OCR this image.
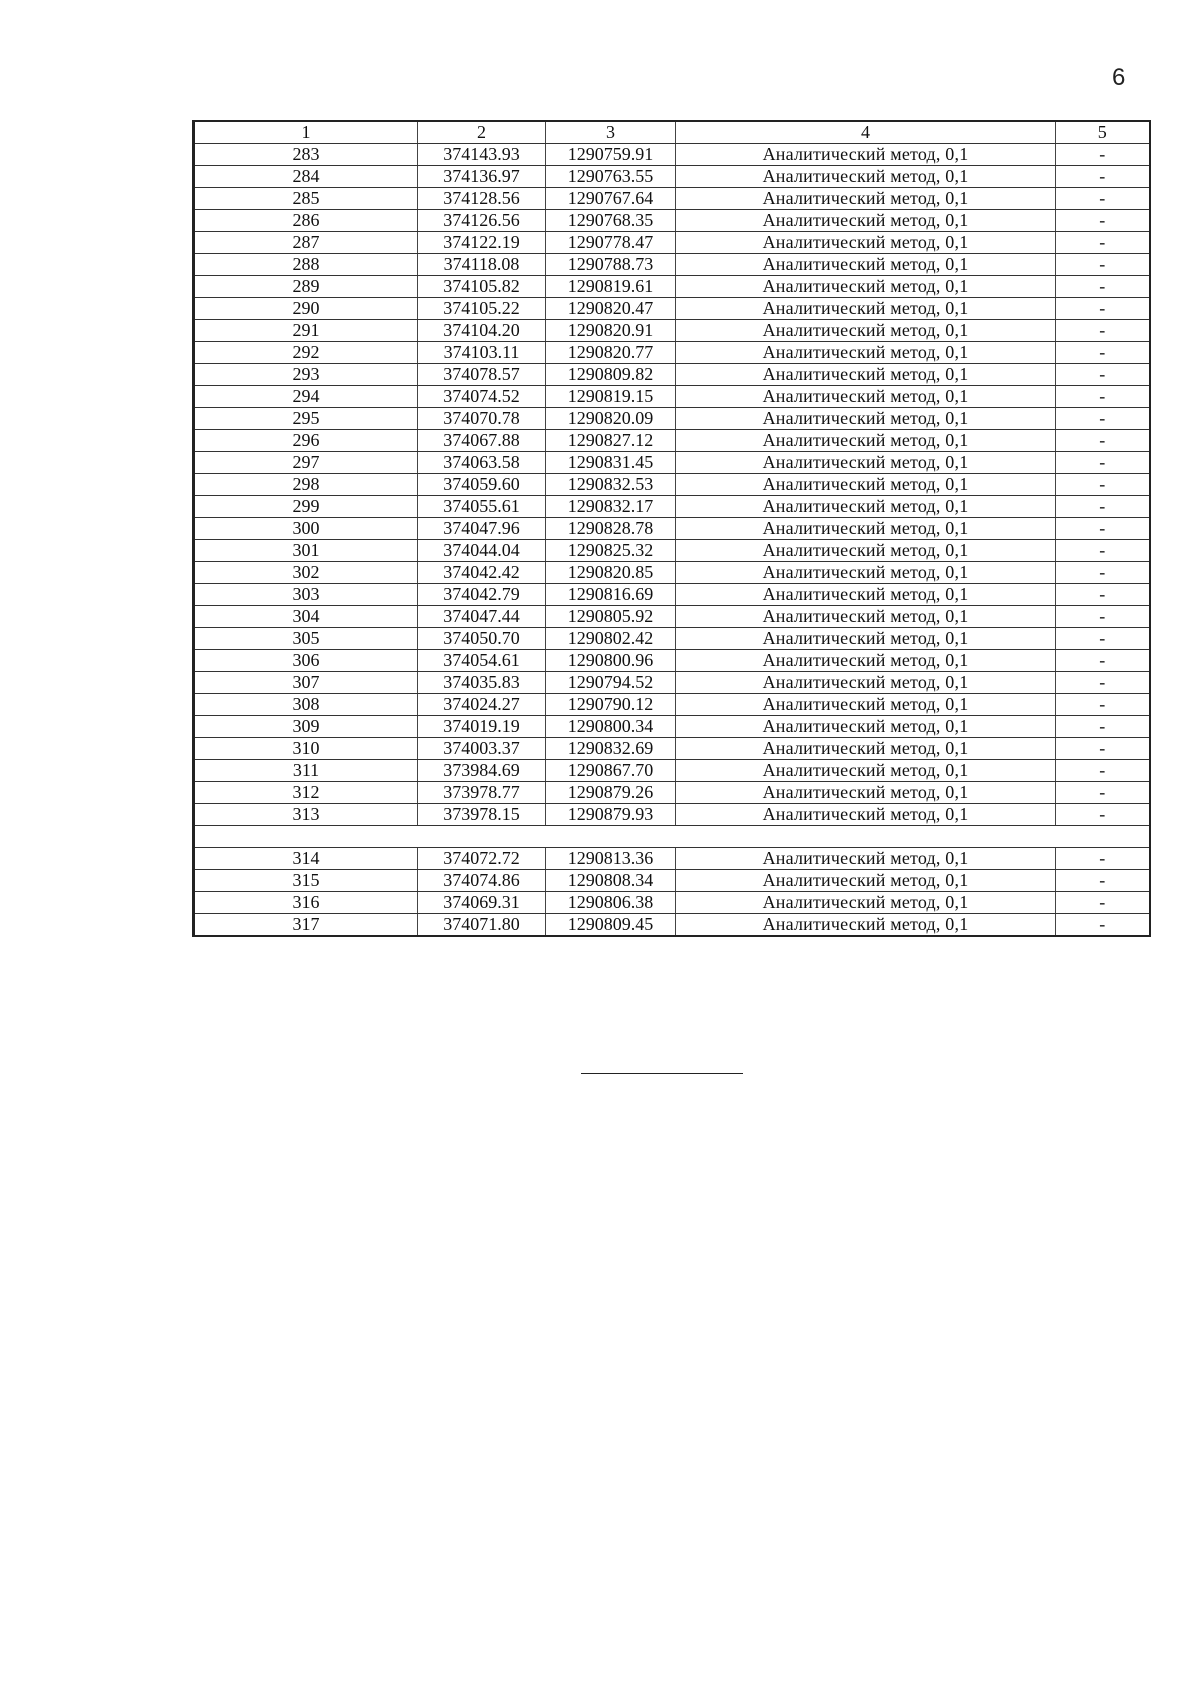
6
1	2	3	4	5
283	374143.93	1290759.91	Аналитический метод, 0,1	-
284	374136.97	1290763.55	Аналитический метод, 0,1	-
285	374128.56	1290767.64	Аналитический метод, 0,1	-
286	374126.56	1290768.35	Аналитический метод, 0,1	-
287	374122.19	1290778.47	Аналитический метод, 0,1	-
288	374118.08	1290788.73	Аналитический метод, 0,1	-
289	374105.82	1290819.61	Аналитический метод, 0,1	-
290	374105.22	1290820.47	Аналитический метод, 0,1	-
291	374104.20	1290820.91	Аналитический метод, 0,1	-
292	374103.11	1290820.77	Аналитический метод, 0,1	-
293	374078.57	1290809.82	Аналитический метод, 0,1	-
294	374074.52	1290819.15	Аналитический метод, 0,1	-
295	374070.78	1290820.09	Аналитический метод, 0,1	-
296	374067.88	1290827.12	Аналитический метод, 0,1	-
297	374063.58	1290831.45	Аналитический метод, 0,1	-
298	374059.60	1290832.53	Аналитический метод, 0,1	-
299	374055.61	1290832.17	Аналитический метод, 0,1	-
300	374047.96	1290828.78	Аналитический метод, 0,1	-
301	374044.04	1290825.32	Аналитический метод, 0,1	-
302	374042.42	1290820.85	Аналитический метод, 0,1	-
303	374042.79	1290816.69	Аналитический метод, 0,1	-
304	374047.44	1290805.92	Аналитический метод, 0,1	-
305	374050.70	1290802.42	Аналитический метод, 0,1	-
306	374054.61	1290800.96	Аналитический метод, 0,1	-
307	374035.83	1290794.52	Аналитический метод, 0,1	-
308	374024.27	1290790.12	Аналитический метод, 0,1	-
309	374019.19	1290800.34	Аналитический метод, 0,1	-
310	374003.37	1290832.69	Аналитический метод, 0,1	-
311	373984.69	1290867.70	Аналитический метод, 0,1	-
312	373978.77	1290879.26	Аналитический метод, 0,1	-
313	373978.15	1290879.93	Аналитический метод, 0,1	-

314	374072.72	1290813.36	Аналитический метод, 0,1	-
315	374074.86	1290808.34	Аналитический метод, 0,1	-
316	374069.31	1290806.38	Аналитический метод, 0,1	-
317	374071.80	1290809.45	Аналитический метод, 0,1	-
